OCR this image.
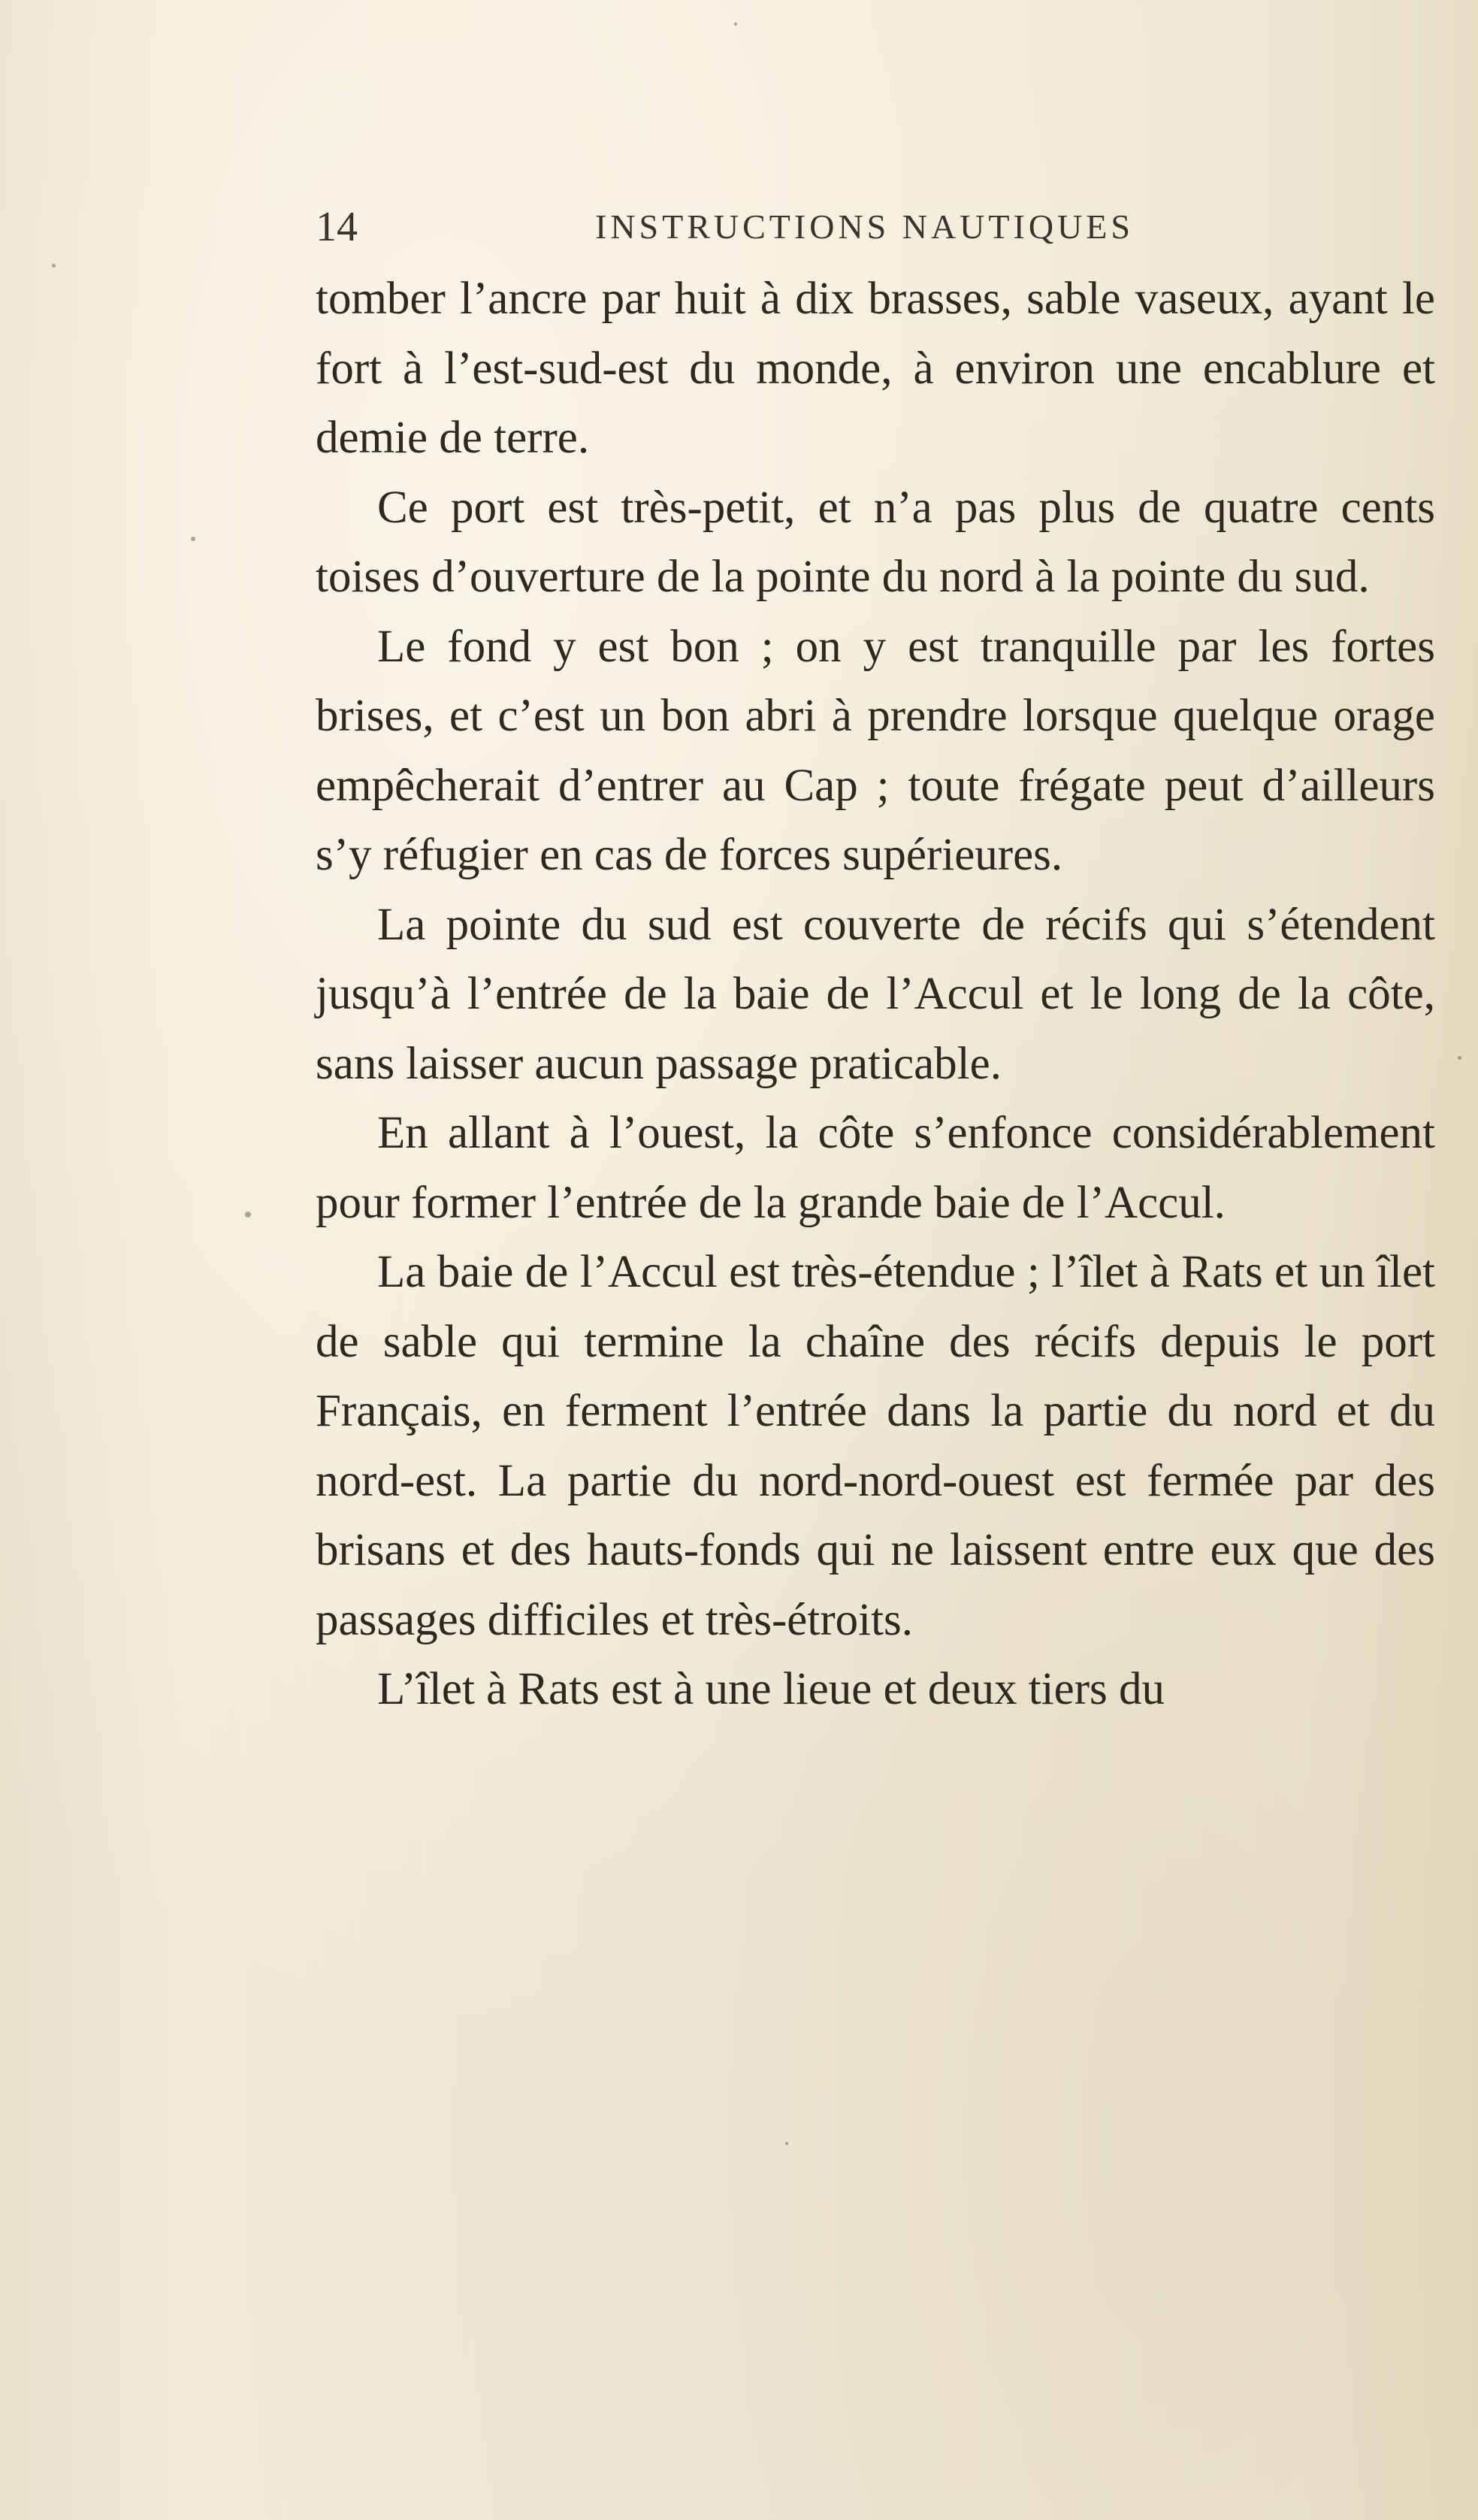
14	INSTRUCTIONS NAUTIQUES

tomber l’ancre par huit à dix brasses, sable vaseux, ayant le fort à l’est-sud-est du monde, à environ une encablure et demie de terre.

Ce port est très-petit, et n’a pas plus de quatre cents toises d’ouverture de la pointe du nord à la pointe du sud.

Le fond y est bon ; on y est tranquille par les fortes brises, et c’est un bon abri à prendre lorsque quelque orage empêcherait d’entrer au Cap ; toute frégate peut d’ailleurs s’y réfugier en cas de forces supérieures.

La pointe du sud est couverte de récifs qui s’étendent jusqu’à l’entrée de la baie de l’Accul et le long de la côte, sans laisser aucun passage praticable.

En allant à l’ouest, la côte s’enfonce considérablement pour former l’entrée de la grande baie de l’Accul.

La baie de l’Accul est très-étendue ; l’îlet à Rats et un îlet de sable qui termine la chaîne des récifs depuis le port Français, en ferment l’entrée dans la partie du nord et du nord-est. La partie du nord-nord-ouest est fermée par des brisans et des hauts-fonds qui ne laissent entre eux que des passages difficiles et très-étroits.

L’îlet à Rats est à une lieue et deux tiers du
